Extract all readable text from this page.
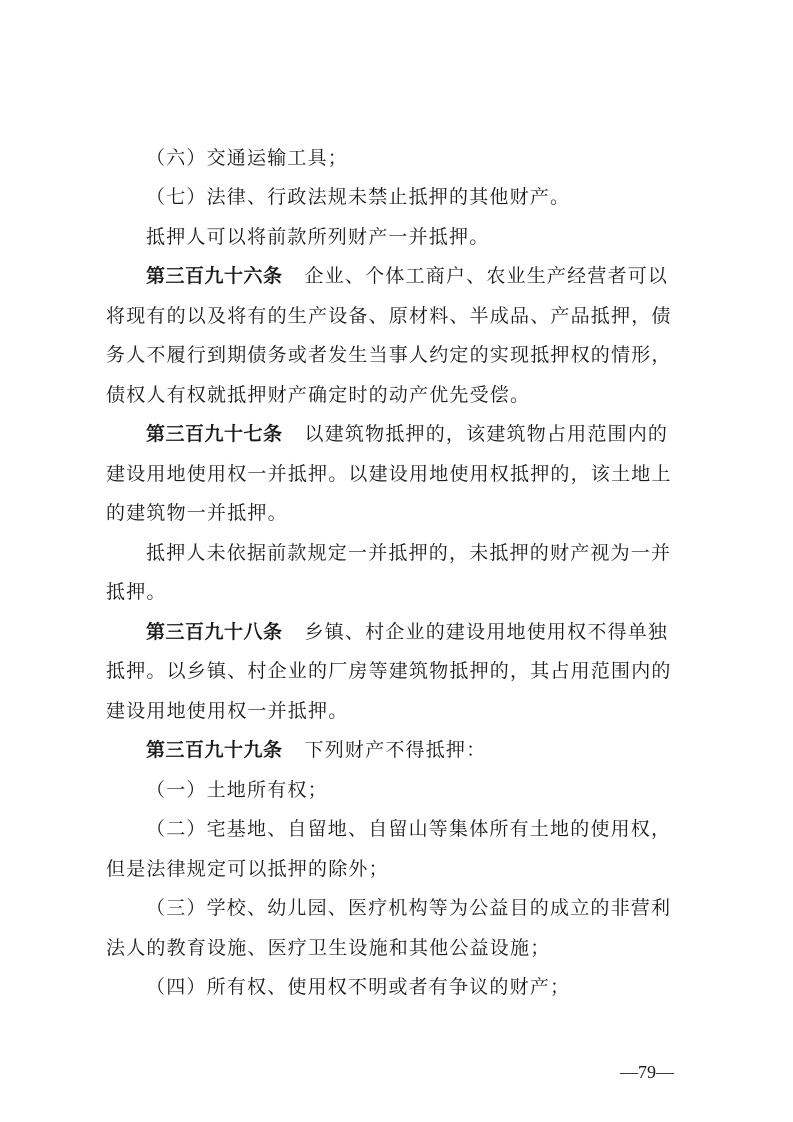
（六）交通运输工具；
（七）法律、行政法规未禁止抵押的其他财产。
抵押人可以将前款所列财产一并抵押。
第三百九十六条 企业、个体工商户、农业生产经营者可以
将现有的以及将有的生产设备、原材料、半成品、产品抵押，债
务人不履行到期债务或者发生当事人约定的实现抵押权的情形，
债权人有权就抵押财产确定时的动产优先受偿。
第三百九十七条 以建筑物抵押的，该建筑物占用范围内的
建设用地使用权一并抵押。以建设用地使用权抵押的，该土地上
的建筑物一并抵押。
抵押人未依据前款规定一并抵押的，未抵押的财产视为一并
抵押。
第三百九十八条 乡镇、村企业的建设用地使用权不得单独
抵押。以乡镇、村企业的厂房等建筑物抵押的，其占用范围内的
建设用地使用权一并抵押。
第三百九十九条 下列财产不得抵押：
（一）土地所有权；
（二）宅基地、自留地、自留山等集体所有土地的使用权，
但是法律规定可以抵押的除外；
（三）学校、幼儿园、医疗机构等为公益目的成立的非营利
法人的教育设施、医疗卫生设施和其他公益设施；
（四）所有权、使用权不明或者有争议的财产；
—79—
